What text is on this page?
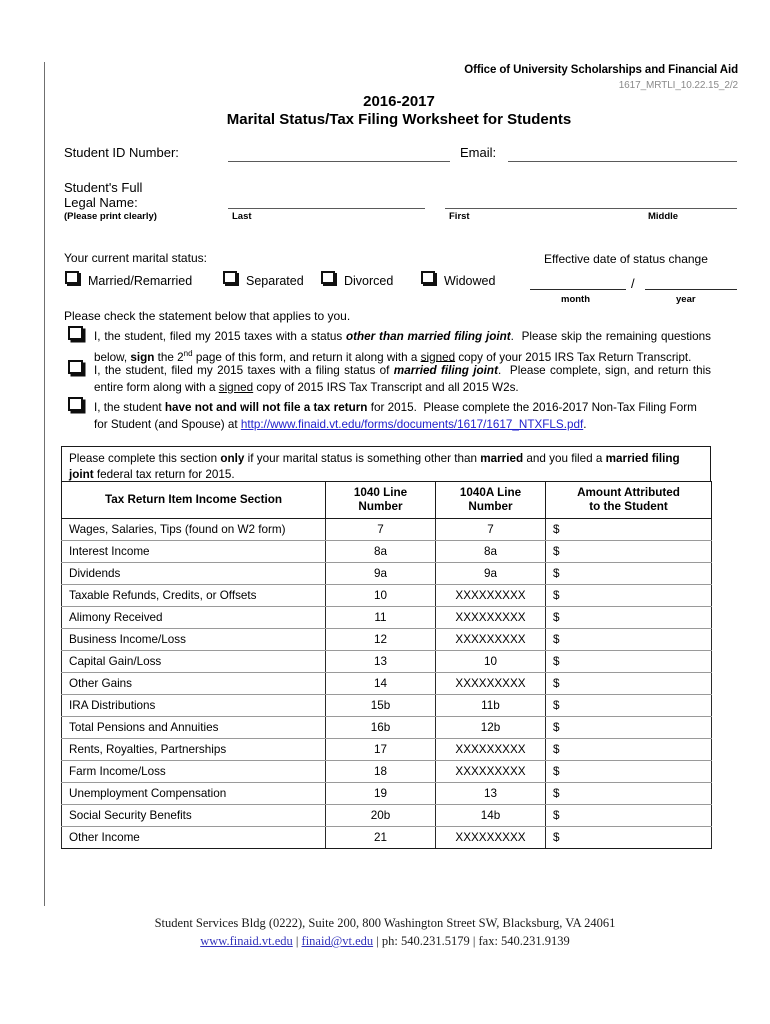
Office of University Scholarships and Financial Aid
1617_MRTLI_10.22.15_2/2
2016-2017
Marital Status/Tax Filing Worksheet for Students
Student ID Number:	Email:
Student's Full
Legal Name:
(Please print clearly)	Last	First	Middle
Your current marital status:
Married/Remarried	Separated	Divorced	Widowed
Effective date of status change
/
month	year
Please check the statement below that applies to you.
I, the student, filed my 2015 taxes with a status other than married filing joint.  Please skip the remaining questions below, sign the 2nd page of this form, and return it along with a signed copy of your 2015 IRS Tax Return Transcript.
I, the student, filed my 2015 taxes with a filing status of married filing joint.  Please complete, sign, and return this entire form along with a signed copy of 2015 IRS Tax Transcript and all 2015 W2s.
I, the student have not and will not file a tax return for 2015.  Please complete the 2016-2017 Non-Tax Filing Form for Student (and Spouse) at http://www.finaid.vt.edu/forms/documents/1617/1617_NTXFLS.pdf.
Please complete this section only if your marital status is something other than married and you filed a married filing joint federal tax return for 2015.
Tax Return Item Income Section

1040 Line
Number

1040A Line
Number

Amount Attributed
to the Student

Wages, Salaries, Tips (found on W2 form)	7	7	$
Interest Income	8a	8a	$
Dividends	9a	9a	$
Taxable Refunds, Credits, or Offsets	10	XXXXXXXXX	$
Alimony Received	11	XXXXXXXXX	$
Business Income/Loss	12	XXXXXXXXX	$
Capital Gain/Loss	13	10	$
Other Gains	14	XXXXXXXXX	$
IRA Distributions	15b	11b	$
Total Pensions and Annuities	16b	12b	$
Rents, Royalties, Partnerships	17	XXXXXXXXX	$
Farm Income/Loss	18	XXXXXXXXX	$
Unemployment Compensation	19	13	$
Social Security Benefits	20b	14b	$
Other Income	21	XXXXXXXXX	$
Student Services Bldg (0222), Suite 200, 800 Washington Street SW, Blacksburg, VA 24061
www.finaid.vt.edu | finaid@vt.edu | ph: 540.231.5179 | fax: 540.231.9139
